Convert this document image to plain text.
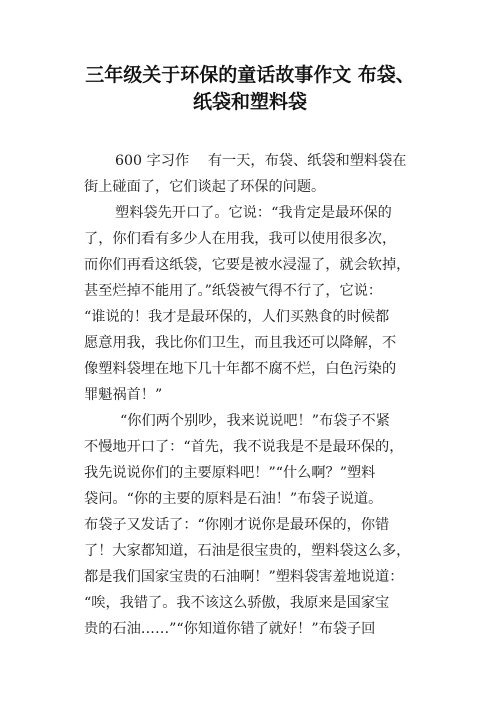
三年级关于环保的童话故事作文 布袋、
纸袋和塑料袋
600 字习作　 有一天，布袋、纸袋和塑料袋在
街上碰面了，它们谈起了环保的问题。
塑料袋先开口了。它说：“我肯定是最环保的
了，你们看有多少人在用我，我可以使用很多次，
而你们再看这纸袋，它要是被水浸湿了，就会软掉，
甚至烂掉不能用了。”纸袋被气得不行了，它说：
“谁说的！我才是最环保的，人们买熟食的时候都
愿意用我，我比你们卫生，而且我还可以降解，不
像塑料袋埋在地下几十年都不腐不烂，白色污染的
罪魁祸首！”
“你们两个别吵，我来说说吧！”布袋子不紧
不慢地开口了：“首先，我不说我是不是最环保的，
我先说说你们的主要原料吧！”“什么啊？”塑料
袋问。“你的主要的原料是石油！”布袋子说道。
布袋子又发话了：“你刚才说你是最环保的，你错
了！大家都知道，石油是很宝贵的，塑料袋这么多，
都是我们国家宝贵的石油啊！”塑料袋害羞地说道：
“唉，我错了。我不该这么骄傲，我原来是国家宝
贵的石油……”“你知道你错了就好！”布袋子回
